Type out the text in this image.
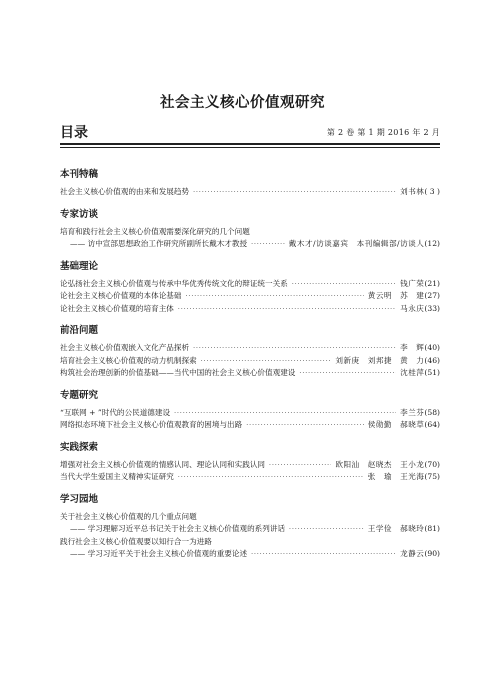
社会主义核心价值观研究
目录	第 2 卷 第 1 期 2016 年 2 月
本刊特稿
社会主义核心价值观的由来和发展趋势 ·····	刘书林 ( 3 )
专家访谈
培育和践行社会主义核心价值观需要深化研究的几个问题
—— 访中宣部思想政治工作研究所副所长戴木才教授 ·····	戴木才/访谈嘉宾　本刊编辑部/访谈人 (12)
基础理论
论弘扬社会主义核心价值观与传承中华优秀传统文化的辩证统一关系 ·····	钱广荣 (21)
论社会主义核心价值观的本体论基础 ·····	黄云明　苏　建 (27)
论社会主义核心价值观的培育主体 ·····	马永庆 (33)
前沿问题
社会主义核心价值观嵌入文化产品探析 ·····	李　辉 (40)
培育社会主义核心价值观的动力机制探索 ·····	刘新庚　刘邦捷　黄　力 (46)
构筑社会治理创新的价值基础——当代中国的社会主义核心价值观建设 ·····	沈桂萍 (51)
专题研究
“互联网 + ”时代的公民道德建设 ·····	李兰芬 (58)
网络拟态环境下社会主义核心价值观教育的困境与出路 ·····	侯勋勤　郝晓草 (64)
实践探索
增强对社会主义核心价值观的情感认同、理论认同和实践认同 ·····	欧阳汕　赵晓杰　王小龙 (70)
当代大学生爱国主义精神实证研究 ·····	张　瑜　王光海 (75)
学习园地
关于社会主义核心价值观的几个重点问题
—— 学习理解习近平总书记关于社会主义核心价值观的系列讲话 ·····	王学俭　郝晓玲 (81)
践行社会主义核心价值观要以知行合一为进路
—— 学习习近平关于社会主义核心价值观的重要论述 ·····	龙静云 (90)
